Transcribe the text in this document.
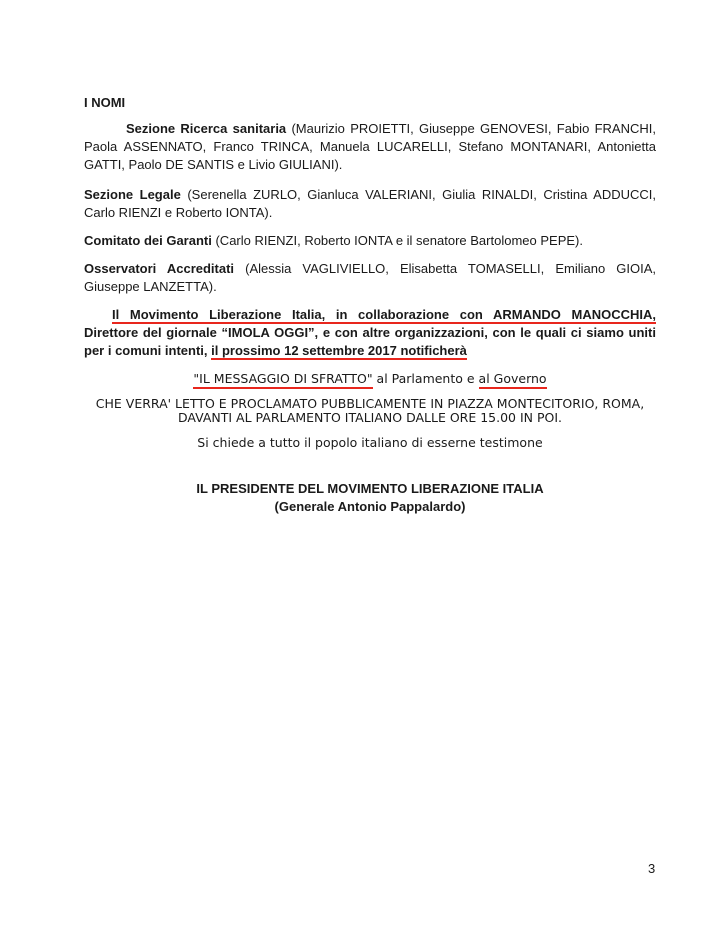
I NOMI
Sezione Ricerca sanitaria (Maurizio PROIETTI, Giuseppe GENOVESI, Fabio FRANCHI, Paola ASSENNATO, Franco TRINCA, Manuela LUCARELLI, Stefano MONTANARI, Antonietta GATTI, Paolo DE SANTIS e Livio GIULIANI).
Sezione Legale (Serenella ZURLO, Gianluca VALERIANI, Giulia RINALDI, Cristina ADDUCCI, Carlo RIENZI e Roberto IONTA).
Comitato dei Garanti (Carlo RIENZI, Roberto IONTA e il senatore Bartolomeo PEPE).
Osservatori Accreditati (Alessia VAGLIVIELLO, Elisabetta TOMASELLI, Emiliano GIOIA, Giuseppe LANZETTA).
Il Movimento Liberazione Italia, in collaborazione con ARMANDO MANOCCHIA, Direttore del giornale “IMOLA OGGI”, e con altre organizzazioni, con le quali ci siamo uniti per i comuni intenti, il prossimo 12 settembre 2017 notificherà
"IL MESSAGGIO DI SFRATTO" al Parlamento e al Governo
CHE VERRA' LETTO E PROCLAMATO PUBBLICAMENTE IN PIAZZA MONTECITORIO, ROMA,
DAVANTI AL PARLAMENTO ITALIANO DALLE ORE 15.00 IN POI.
Si chiede a tutto il popolo italiano di esserne testimone
IL PRESIDENTE DEL MOVIMENTO LIBERAZIONE ITALIA
(Generale Antonio Pappalardo)
3
